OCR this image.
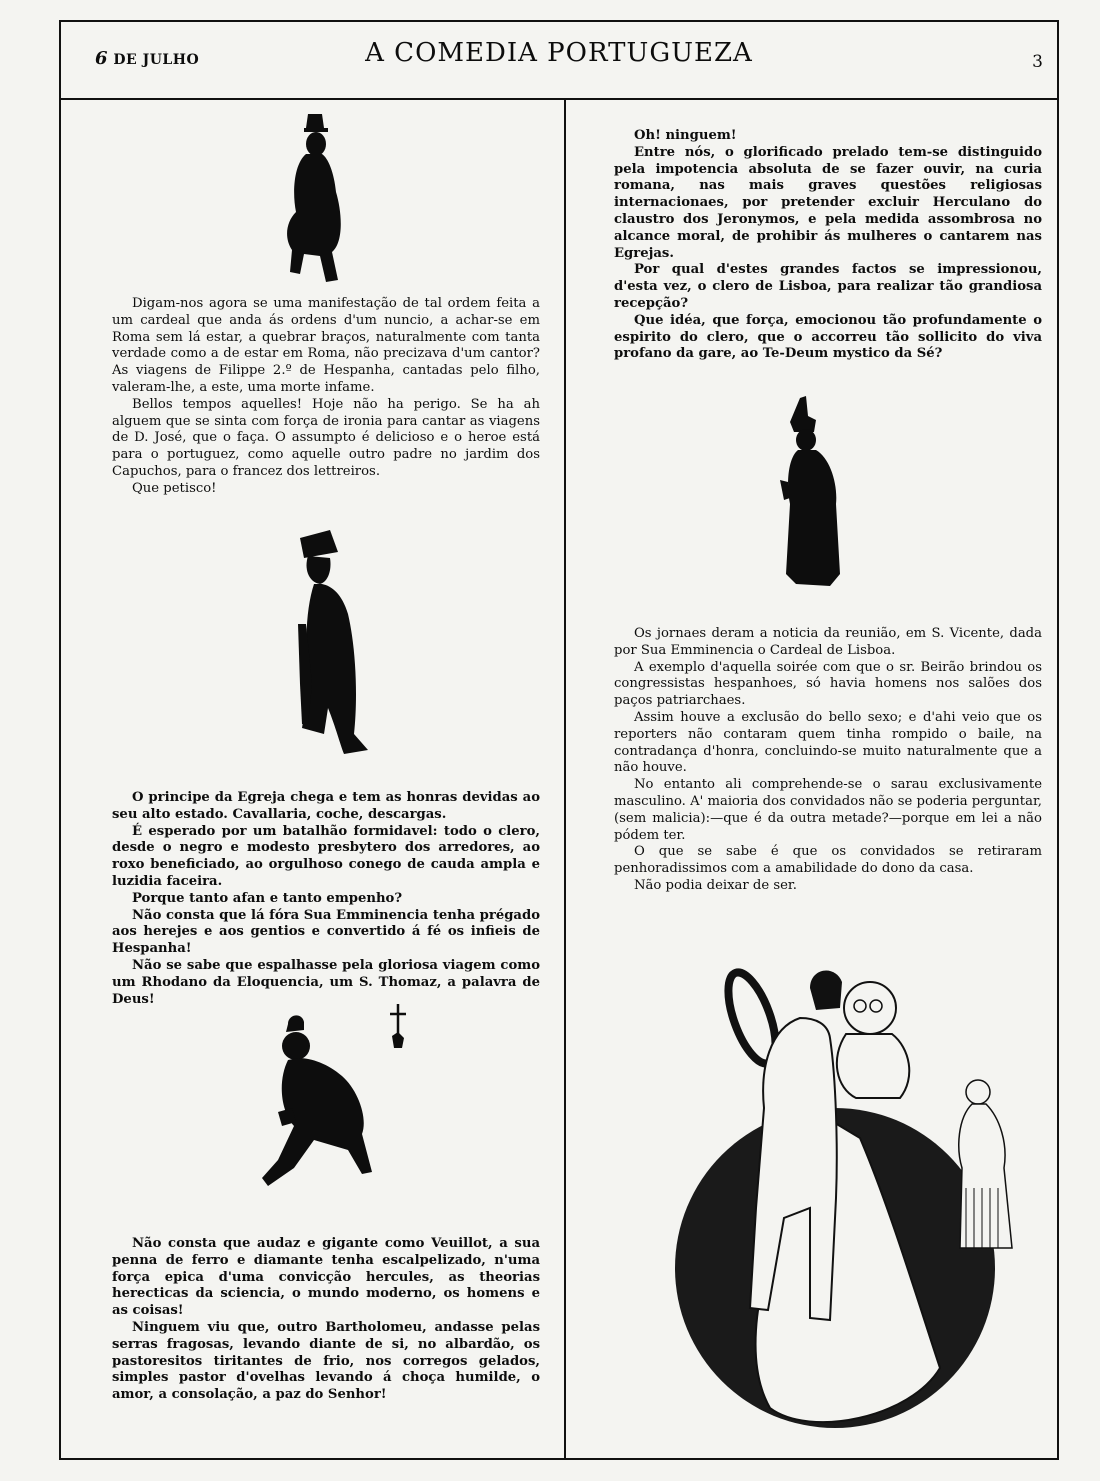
6 DE JULHO	A COMEDIA PORTUGUEZA	3

Digam-nos agora se uma manifestação de tal ordem feita a um cardeal que anda ás ordens d'um nuncio, a achar-se em Roma sem lá estar, a quebrar braços, naturalmente com tanta verdade como a de estar em Roma, não precizava d'um cantor? As viagens de Filippe 2.º de Hespanha, cantadas pelo filho, valeram-lhe, a este, uma morte infame.

Bellos tempos aquelles! Hoje não ha perigo. Se ha ah alguem que se sinta com força de ironia para cantar as viagens de D. José, que o faça. O assumpto é delicioso e o heroe está para o portuguez, como aquelle outro padre no jardim dos Capuchos, para o francez dos lettreiros.

Que petisco!

O principe da Egreja chega e tem as honras devidas ao seu alto estado. Cavallaria, coche, descargas.

É esperado por um batalhão formidavel: todo o clero, desde o negro e modesto presbytero dos arredores, ao roxo beneficiado, ao orgulhoso conego de cauda ampla e luzidia faceira.

Porque tanto afan e tanto empenho?

Não consta que lá fóra Sua Emminencia tenha prégado aos herejes e aos gentios e convertido á fé os infieis de Hespanha!

Não se sabe que espalhasse pela gloriosa viagem como um Rhodano da Eloquencia, um S. Thomaz, a palavra de Deus!

Não consta que audaz e gigante como Veuillot, a sua penna de ferro e diamante tenha escalpelizado, n'uma força epica d'uma convicção hercules, as theorias herecticas da sciencia, o mundo moderno, os homens e as coisas!

Ninguem viu que, outro Bartholomeu, andasse pelas serras fragosas, levando diante de si, no albardão, os pastoresitos tiritantes de frio, nos corregos gelados, simples pastor d'ovelhas levando á choça humilde, o amor, a consolação, a paz do Senhor!

Oh! ninguem!

Entre nós, o glorificado prelado tem-se distinguido pela impotencia absoluta de se fazer ouvir, na curia romana, nas mais graves questões religiosas internacionaes, por pretender excluir Herculano do claustro dos Jeronymos, e pela medida assombrosa no alcance moral, de prohibir ás mulheres o cantarem nas Egrejas.

Por qual d'estes grandes factos se impressionou, d'esta vez, o clero de Lisboa, para realizar tão grandiosa recepção?

Que idéa, que força, emocionou tão profundamente o espirito do clero, que o accorreu tão sollicito do viva profano da gare, ao Te-Deum mystico da Sé?

Os jornaes deram a noticia da reunião, em S. Vicente, dada por Sua Emminencia o Cardeal de Lisboa.

A exemplo d'aquella soirée com que o sr. Beirão brindou os congressistas hespanhoes, só havia homens nos salões dos paços patriarchaes.

Assim houve a exclusão do bello sexo; e d'ahi veio que os reporters não contaram quem tinha rompido o baile, na contradança d'honra, concluindo-se muito naturalmente que a não houve.

No entanto ali comprehende-se o sarau exclusivamente masculino. A' maioria dos convidados não se poderia perguntar, (sem malicia):—que é da outra metade?—porque em lei a não pódem ter.

O que se sabe é que os convidados se retiraram penhoradissimos com a amabilidade do dono da casa.

Não podia deixar de ser.
